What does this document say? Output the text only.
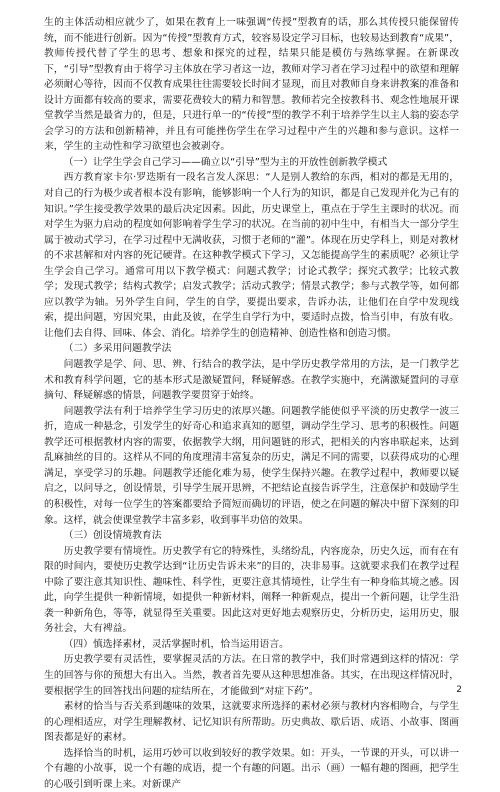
生的主体活动相应就少了，如果在教育上一味强调“传授”型教育的话，那么其传授只能保留传统，而不能进行创新。因为“传授”型教育方式，较容易设定学习目标，也较易达到教育“成果”，教师传授代替了学生的思考、想象和探究的过程，结果只能是模仿与熟练掌握。在新课改下，“引导”型教育由于将学习主体放在学习者这一边，教师对学习者在学习过程中的欲望和理解必须耐心等待，因而不仅教育成果往往需要较长时间才显现，而且对教师自身来讲教案的准备和设计方面都有较高的要求，需要花费较大的精力和智慧。教师若完全按教科书、观念性地展开课堂教学当然是最省力的，但是，只进行单一的“传授”型的教学不利于培养学生以主人翁的姿态学会学习的方法和创新精神，并且有可能挫伤学生在学习过程中产生的兴趣和参与意识。这样一来，学生的主动性和学习欲望也会被剥夺。

（一）让学生学会自己学习——确立以“引导”型为主的开放性创新教学模式

西方教育家卡尔·罗迭斯有一段名言发人深思：“人是别人教给的东西，相对的都是无用的，对自己的行为极少或者根本没有影响，能够影响一个人行为的知识，都是自己发现并化为己有的知识。”学生接受教学效果的最后决定因素。因此，历史课堂上，重点在于学生主课时的状况。而对学生为驱力启动的程度如何影响着学生学习的状况。在当前的初中生中，有相当大一部分学生属于被动式学习，在学习过程中无满收获，习惯于老师的“灌”。体现在历史学科上，则是对教材的不求甚解和对内容的死记硬背。在这种教学模式下学习，又怎能提高学生的素质呢？必须让学生学会自己学习。通常可用以下教学模式：问题式教学；讨论式教学；探究式教学；比较式教学；发现式教学；结构式教学；启发式教学；活动式教学；情景式教学；参与式教学等，如何都应以教学为轴。另外学生自问，学生的自学，要提出要求，告诉办法，让他们在自学中发现线索，提出问题，穷因究果，由此及彼，在学生自学行为中，要适时点拨，恰当引申，有放有收。让他们去自得、回味、体会、消化。培养学生的创造精神、创造性格和创造习惯。

（二）多采用问题教学法

问题教学是学、问、思、辨、行结合的教学法，是中学历史教学常用的方法，是一门教学艺术和教育科学问题，它的基本形式是激疑置问，释疑解惑。在教学实施中，充满激疑置问的寻章摘句、释疑解惑的情景，问题教学要贯穿于始终。

问题教学法有利于培养学生学习历史的浓厚兴趣。问题教学能使似乎平淡的历史教学一波三折，造成一种悬念，引发学生的好奇心和追求真知的愿望，调动学生学习、思考的积极性。问题教学还可根据教材内容的需要，依据教学大纲，用问题链的形式，把相关的内容串联起来，达到乱麻抽丝的目的。这样从不同的角度理清丰富复杂的历史，满足不同的需要，以获得成功的心理满足，享受学习的乐趣。问题教学还能化难为易，使学生保持兴趣。在教学过程中，教师要以疑启之，以问导之，创设情景，引导学生展开思辨，不把结论直接告诉学生，注意保护和鼓励学生的积极性，对每一位学生的答案都要给予简短而确切的评语，使之在问题的解决中留下深刻的印象。这样，就会使课堂教学丰富多彩，收到事半功倍的效果。

（三）创设情境教育法

历史教学要有情境性。历史教学有它的特殊性，头绪纷乱，内容庞杂，历史久远，而有在有限的时间内，要使历史教学达到“让历史告诉未来”的目的，决非易事。这就要求我们在教学过程中除了要注意其知识性、趣味性、科学性，更要注意其情境性，让学生有一种身临其境之感。因此，向学生提供一种新情境，如提供一种新材料，阐释一种新观点，提出一个新问题，让学生沿袭一种新角色，等等，就显得至关重要。因此这对更好地去观察历史，分析历史，运用历史，服务社会，大有裨益。

（四）慎选择素材，灵活掌握时机，恰当运用语言。

历史教学要有灵活性，要掌握灵活的方法。在日常的教学中，我们时常遇到这样的情况：学生的回答与你的预想大有出入。当然，教者首先要从这种思想准备。其实，在出现这样情况时，要根据学生的回答找出问题的症结所在，才能做到“对症下药”。

素材的恰当与否关系到趣味的效果，这就要求所选择的素材必须与教材内容相吻合，与学生的心理相适应，对学生理解教材、记忆知识有所帮助。历史典故、歇后语、成语、小故事、图画图表都是好的素材。

选择恰当的时机，运用巧妙可以收到较好的教学效果。如：开头，一节课的开头，可以讲一个有趣的小故事，说一个有趣的成语，提一个有趣的问题。出示（画）一幅有趣的图画，把学生的心吸引到听课上来。对新课产

2
